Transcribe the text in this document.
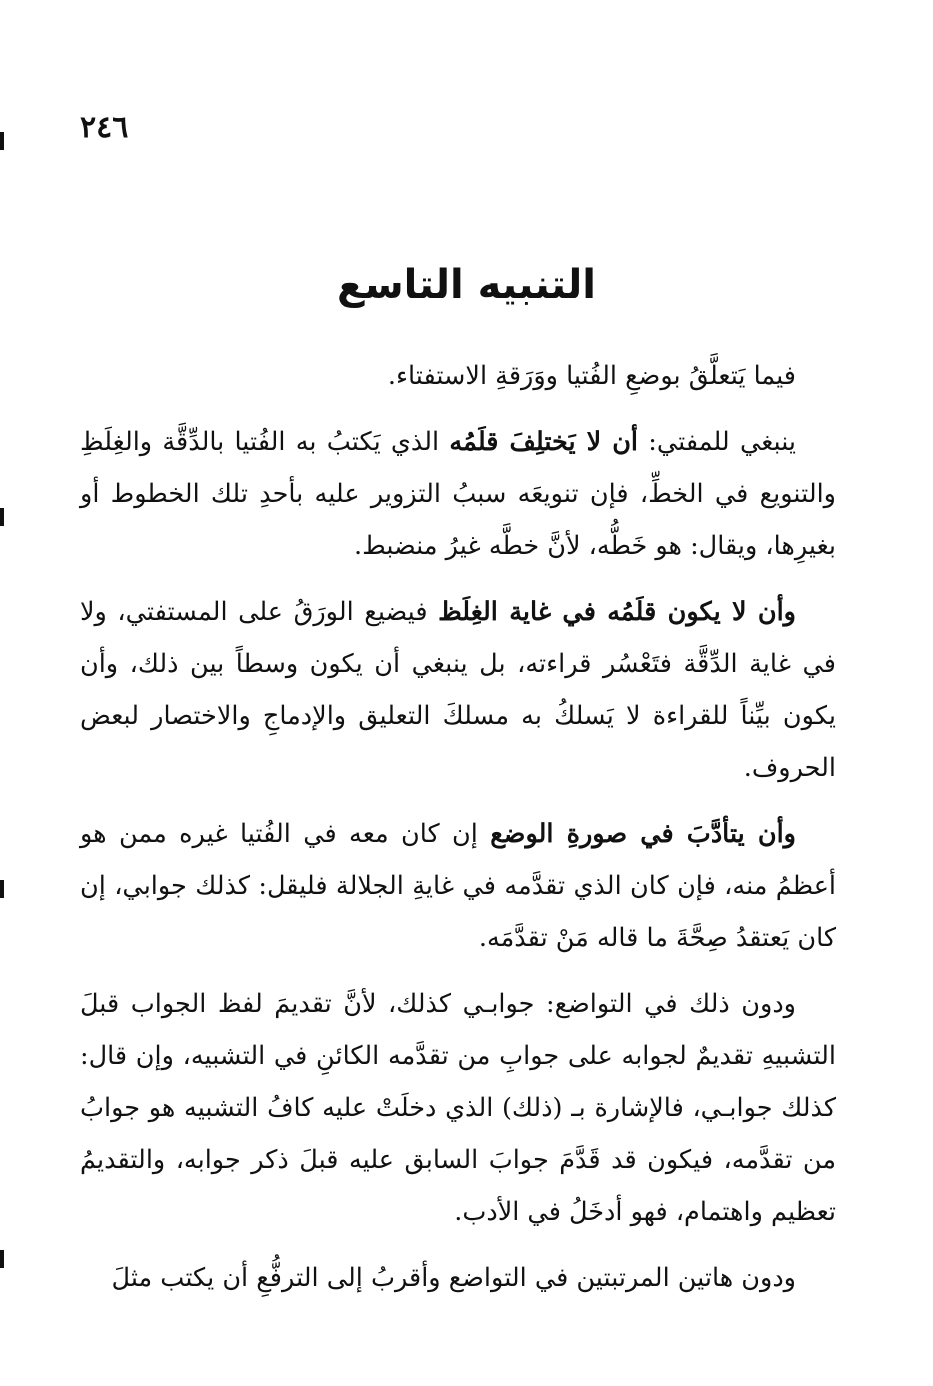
٢٤٦
التنبيه التاسع

فيما يَتعلَّقُ بوضعِ الفُتيا ووَرَقةِ الاستفتاء.

ينبغي للمفتي: أن لا يَختلِفَ قلَمُه الذي يَكتبُ به الفُتيا بالدِّقَّة والغِلَظِ والتنويع في الخطِّ، فإن تنويعَه سببُ التزوير عليه بأحدِ تلك الخطوط أو بغيرِها، ويقال: هو خَطُّه، لأنَّ خطَّه غيرُ منضبط.

وأن لا يكون قلَمُه في غاية الغِلَظ فيضيع الورَقُ على المستفتي، ولا في غاية الدِّقَّة فتَعْسُر قراءته، بل ينبغي أن يكون وسطاً بين ذلك، وأن يكون بيِّناً للقراءة لا يَسلكُ به مسلكَ التعليق والإدماجِ والاختصار لبعض الحروف.

وأن يتأدَّبَ في صورةِ الوضع إن كان معه في الفُتيا غيره ممن هو أعظمُ منه، فإن كان الذي تقدَّمه في غايةِ الجلالة فليقل: كذلك جوابي، إن كان يَعتقدُ صِحَّةَ ما قاله مَنْ تقدَّمَه.

ودون ذلك في التواضع: جوابـي كذلك، لأنَّ تقديمَ لفظ الجواب قبلَ التشبيهِ تقديمٌ لجوابه على جوابِ من تقدَّمه الكائنِ في التشبيه، وإن قال: كذلك جوابـي، فالإشارة بـ (ذلك) الذي دخلَتْ عليه كافُ التشبيه هو جوابُ من تقدَّمه، فيكون قد قَدَّمَ جوابَ السابق عليه قبلَ ذكر جوابه، والتقديمُ تعظيم واهتمام، فهو أدخَلُ في الأدب.

ودون هاتين المرتبتين في التواضع وأقربُ إلى الترفُّعِ أن يكتب مثلَ
